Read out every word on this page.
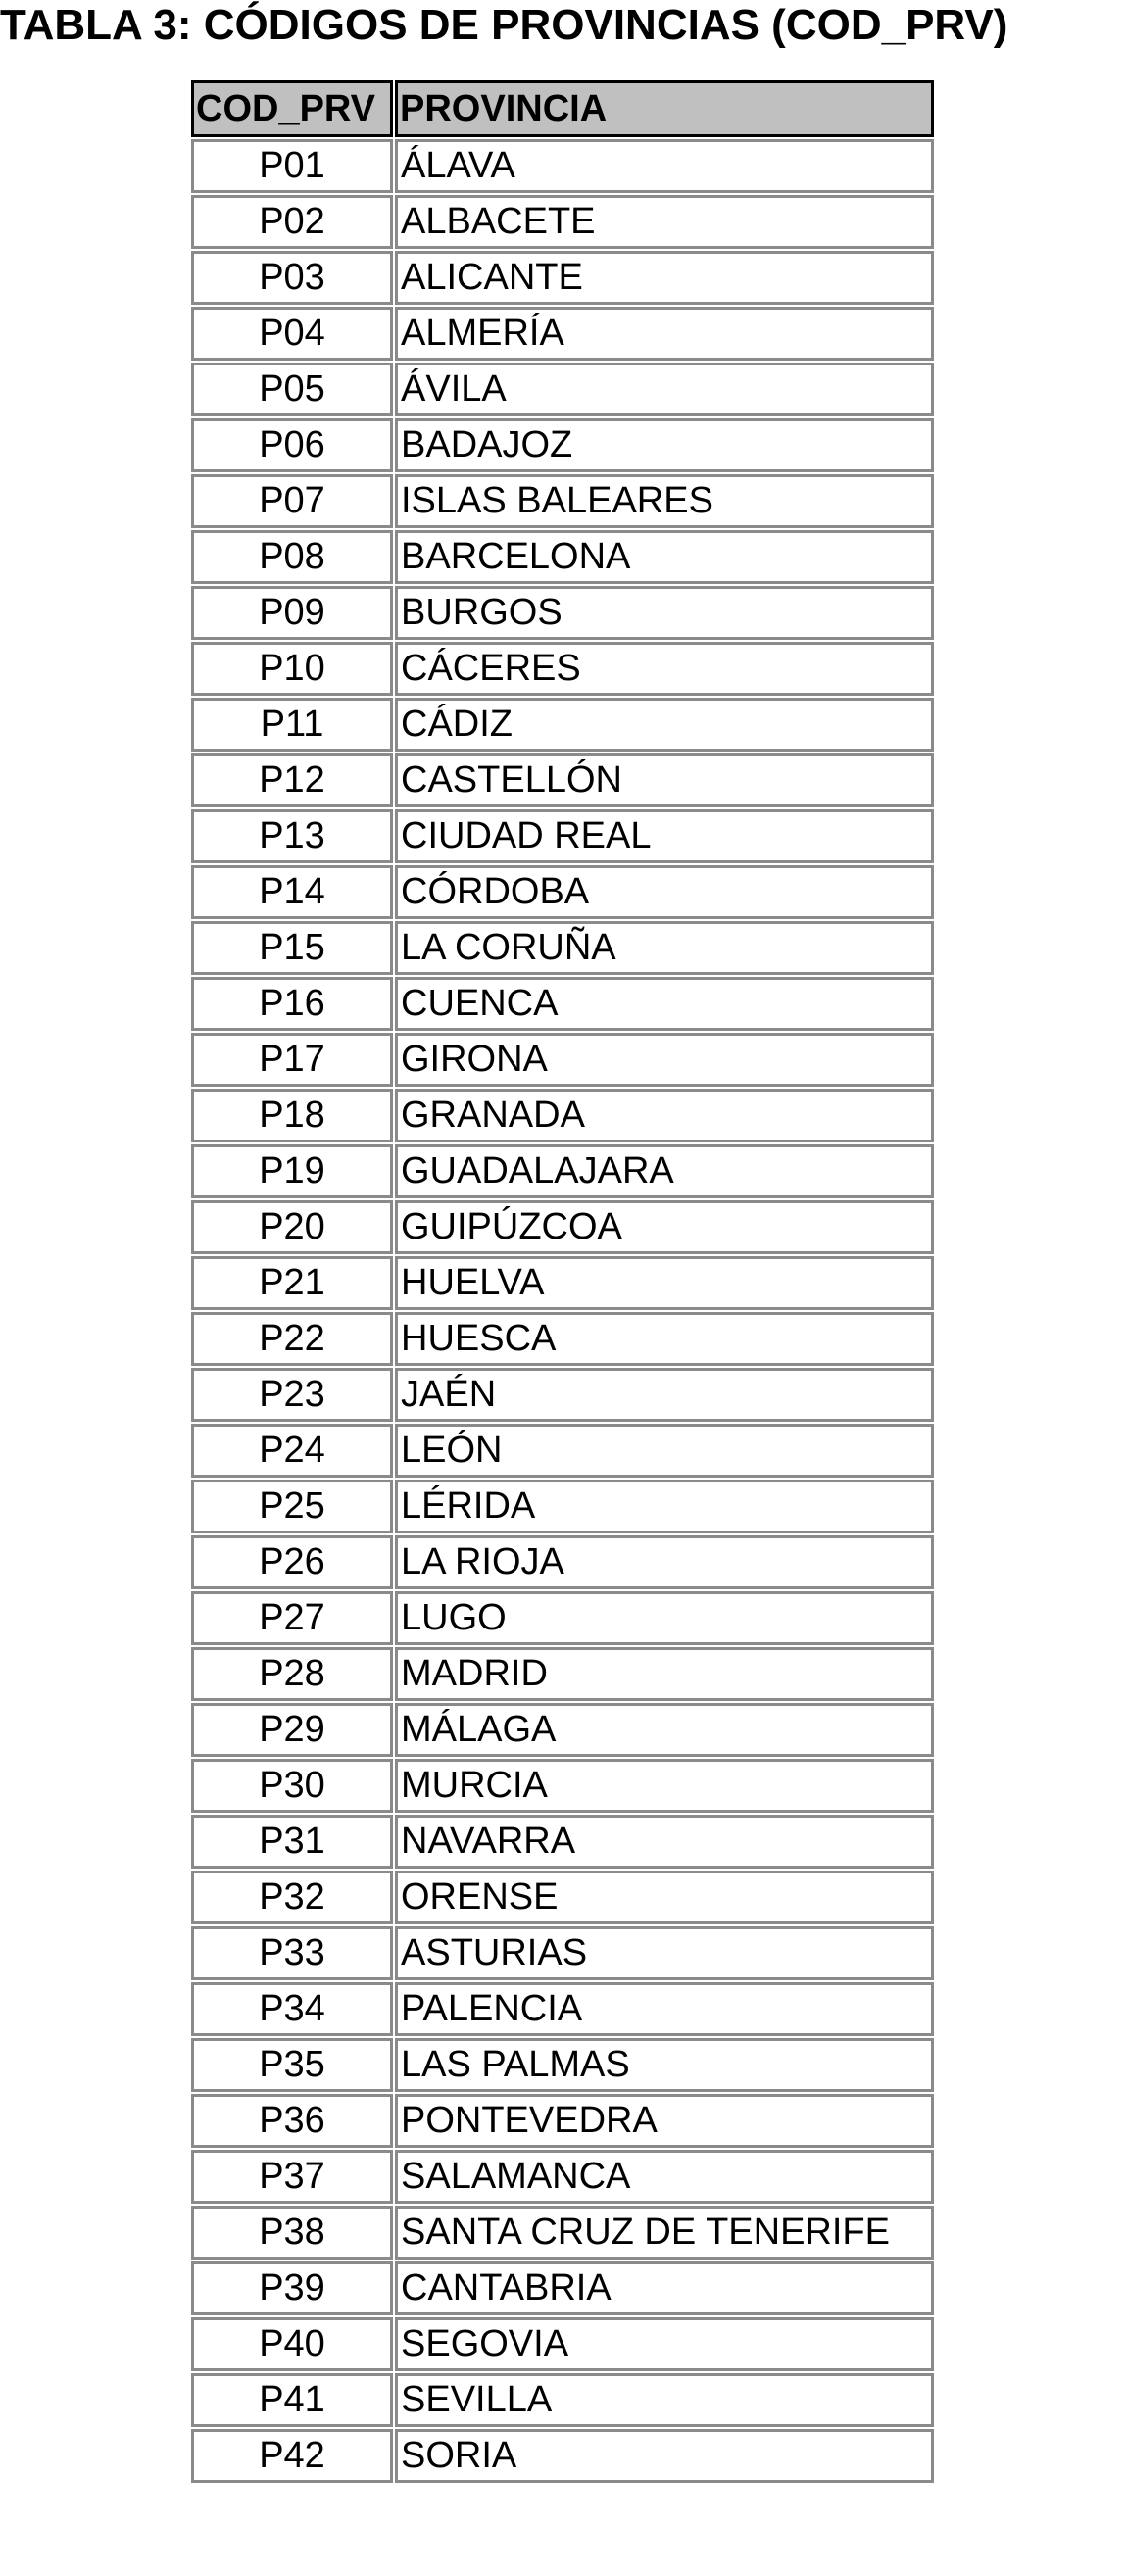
TABLA 3: CÓDIGOS DE PROVINCIAS (COD_PRV)
COD_PRV	PROVINCIA
P01	ÁLAVA
P02	ALBACETE
P03	ALICANTE
P04	ALMERÍA
P05	ÁVILA
P06	BADAJOZ
P07	ISLAS BALEARES
P08	BARCELONA
P09	BURGOS
P10	CÁCERES
P11	CÁDIZ
P12	CASTELLÓN
P13	CIUDAD REAL
P14	CÓRDOBA
P15	LA CORUÑA
P16	CUENCA
P17	GIRONA
P18	GRANADA
P19	GUADALAJARA
P20	GUIPÚZCOA
P21	HUELVA
P22	HUESCA
P23	JAÉN
P24	LEÓN
P25	LÉRIDA
P26	LA RIOJA
P27	LUGO
P28	MADRID
P29	MÁLAGA
P30	MURCIA
P31	NAVARRA
P32	ORENSE
P33	ASTURIAS
P34	PALENCIA
P35	LAS PALMAS
P36	PONTEVEDRA
P37	SALAMANCA
P38	SANTA CRUZ DE TENERIFE
P39	CANTABRIA
P40	SEGOVIA
P41	SEVILLA
P42	SORIA
